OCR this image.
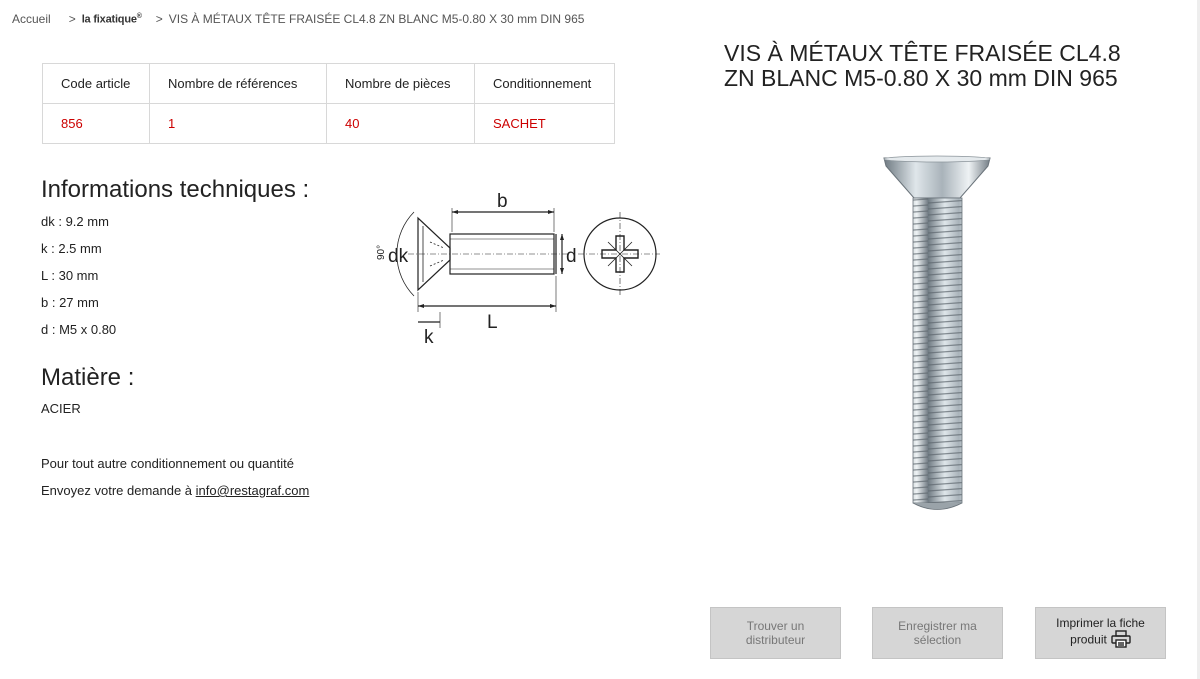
Accueil > la fixatique® > VIS À MÉTAUX TÊTE FRAISÉE CL4.8 ZN BLANC M5-0.80 X 30 mm DIN 965
Code article	Nombre de références	Nombre de pièces	Conditionnement
856	1	40	SACHET
Informations techniques :
dk : 9.2 mm
k : 2.5 mm
L : 30 mm
b : 27 mm
d : M5 x 0.80
Matière :
ACIER
Pour tout autre conditionnement ou quantité
Envoyez votre demande à info@restagraf.com
b
dk	d
L
k
90°
VIS À MÉTAUX TÊTE FRAISÉE CL4.8 ZN BLANC M5-0.80 X 30 mm DIN 965
Trouver un
distributeur
Enregistrer ma
sélection
Imprimer la fiche
produit
